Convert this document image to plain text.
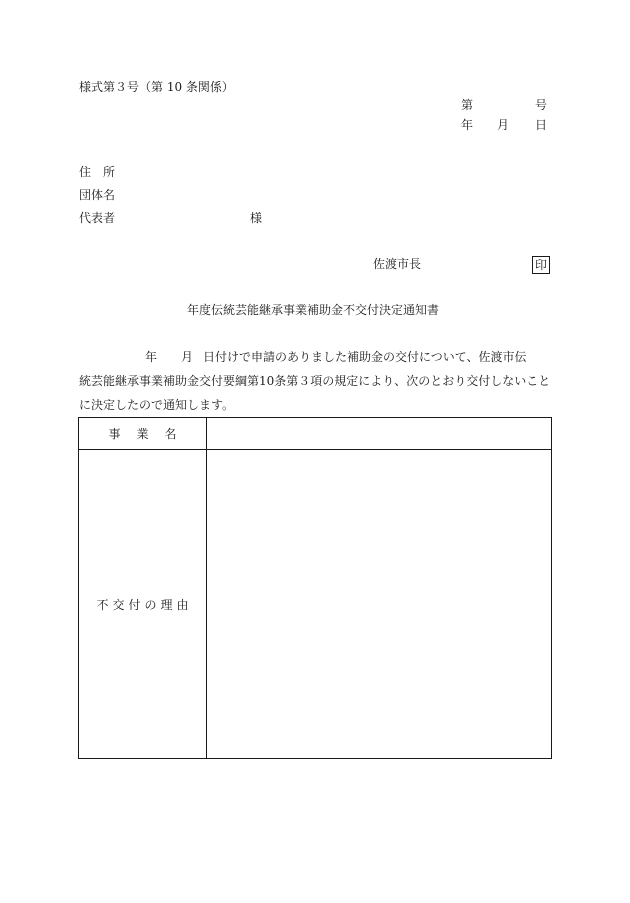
様式第３号（第 10 条関係）
第	号
年 月 日
住　所
団体名
代表者	様
佐渡市長	印
年度伝統芸能継承事業補助金不交付決定通知書
年 月 日付けで申請のありました補助金の交付について、佐渡市伝
統芸能継承事業補助金交付要綱第10条第３項の規定により、次のとおり交付しないこと
に決定したので通知します。
事業名	
不交付の理由	
